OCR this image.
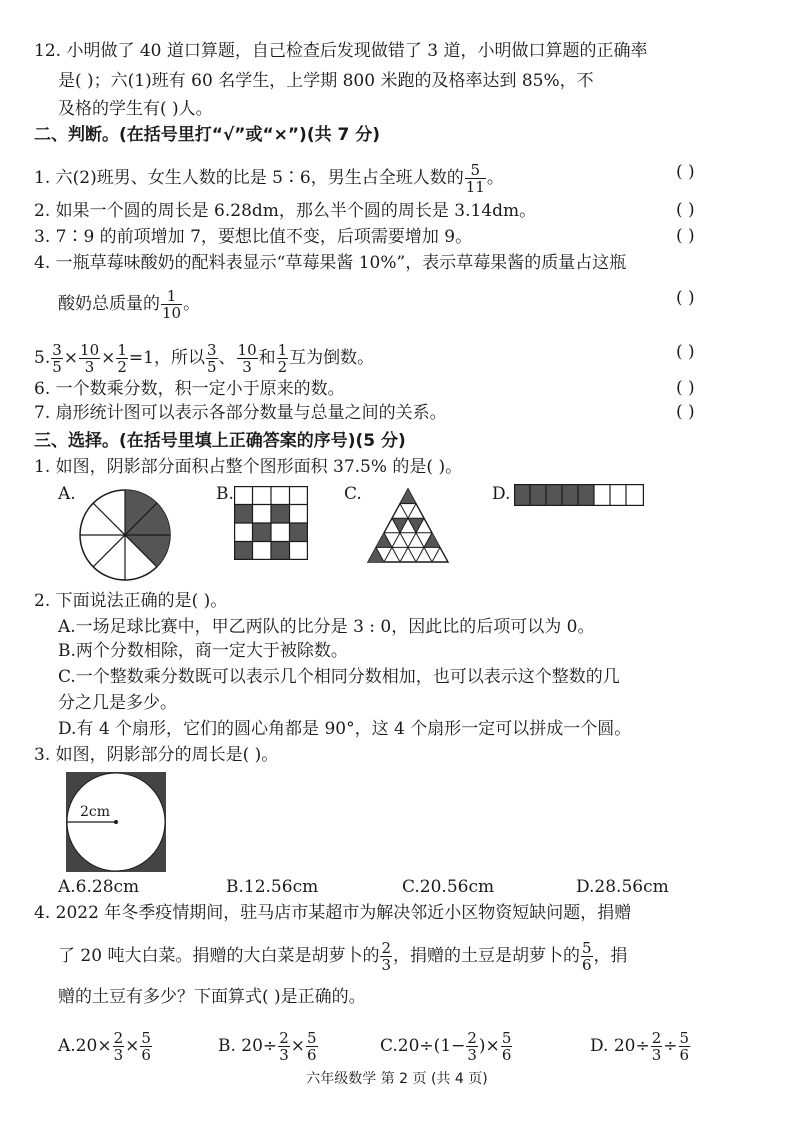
12. 小明做了 40 道口算题，自己检查后发现做错了 3 道，小明做口算题的正确率
是( )；六(1)班有 60 名学生，上学期 800 米跑的及格率达到 85%，不
及格的学生有( )人。
二、判断。(在括号里打“√”或“×”)(共 7 分)
1. 六(2)班男、女生人数的比是 5∶6，男生占全班人数的 $\frac{5}{11}$ 。	( )
2. 如果一个圆的周长是 6.28dm，那么半个圆的周长是 3.14dm。	( )
3. 7∶9 的前项增加 7，要想比值不变，后项需要增加 9。	( )
4. 一瓶草莓味酸奶的配料表显示“草莓果酱 10%”，表示草莓果酱的质量占这瓶
酸奶总质量的 $\frac{1}{10}$ 。	( )
5. $\frac{3}{5} \times \frac{10}{3} \times \frac{1}{2} =1$，所以 $\frac{3}{5}$ 、 $\frac{10}{3}$ 和 $\frac{1}{2}$ 互为倒数。	( )
6. 一个数乘分数，积一定小于原来的数。	( )
7. 扇形统计图可以表示各部分数量与总量之间的关系。	( )
三、选择。(在括号里填上正确答案的序号)(5 分)
1. 如图，阴影部分面积占整个图形面积 37.5% 的是( )。
A.	B.	C.	D.
2. 下面说法正确的是( )。
A.一场足球比赛中，甲乙两队的比分是 3 : 0，因此比的后项可以为 0。
B.两个分数相除，商一定大于被除数。
C.一个整数乘分数既可以表示几个相同分数相加，也可以表示这个整数的几
分之几是多少。
D.有 4 个扇形，它们的圆心角都是 90°，这 4 个扇形一定可以拼成一个圆。
3. 如图，阴影部分的周长是( )。
2cm
A.6.28cm	B.12.56cm	C.20.56cm	D.28.56cm
4. 2022 年冬季疫情期间，驻马店市某超市为解决邻近小区物资短缺问题，捐赠
了 20 吨大白菜。捐赠的大白菜是胡萝卜的 $\frac{2}{3}$ ，捐赠的土豆是胡萝卜的 $\frac{5}{6}$ ，捐
赠的土豆有多少？下面算式( )是正确的。
$A.20\times \frac{2}{3} \times \frac{5}{6}$	B. $20\div \frac{2}{3} \times \frac{5}{6}$	$C.20\div(1- \frac{2}{3}$ )× $\frac{5}{6}$	D. $20\div \frac{2}{3} \div \frac{5}{6}$
六年级数学 第 2 页 (共 4 页)
